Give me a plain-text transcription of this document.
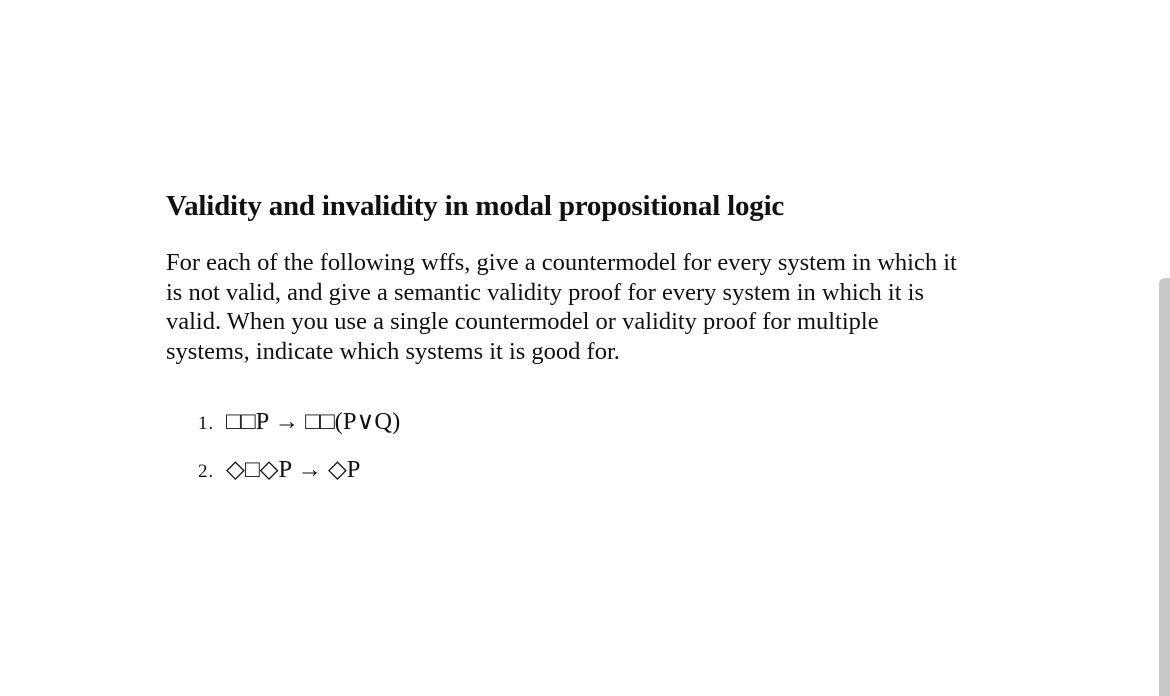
Validity and invalidity in modal propositional logic

For each of the following wffs, give a countermodel for every system in which it is not valid, and give a semantic validity proof for every system in which it is valid. When you use a single countermodel or validity proof for multiple systems, indicate which systems it is good for.

1. □□P → □□(P∨Q)
2. ◇□◇P → ◇P
